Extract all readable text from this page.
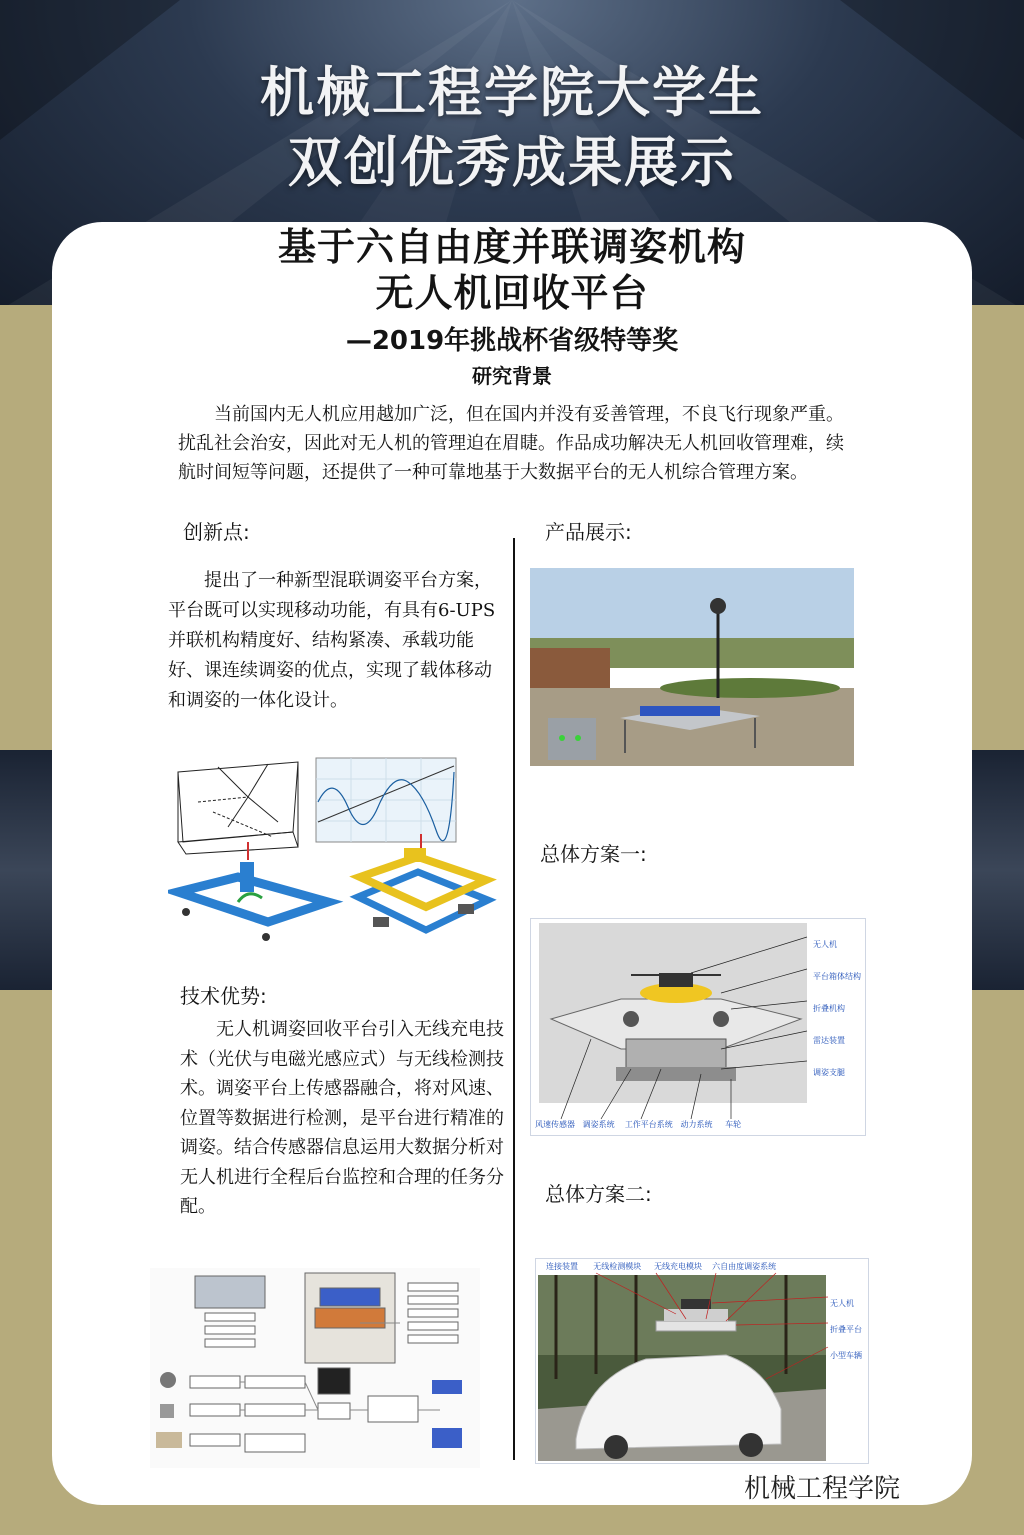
机械工程学院大学生
双创优秀成果展示
基于六自由度并联调姿机构
无人机回收平台
—2019年挑战杯省级特等奖
研究背景

当前国内无人机应用越加广泛，但在国内并没有妥善管理，不良飞行现象严重。扰乱社会治安，因此对无人机的管理迫在眉睫。作品成功解决无人机回收管理难，续航时间短等问题，还提供了一种可靠地基于大数据平台的无人机综合管理方案。

创新点:	产品展示:

提出了一种新型混联调姿平台方案，平台既可以实现移动功能，有具有6-UPS并联机构精度好、结构紧凑、承载功能好、课连续调姿的优点，实现了载体移动和调姿的一体化设计。

技术优势:

无人机调姿回收平台引入无线充电技术（光伏与电磁光感应式）与无线检测技术。调姿平台上传感器融合，将对风速、位置等数据进行检测，是平台进行精准的调姿。结合传感器信息运用大数据分析对无人机进行全程后台监控和合理的任务分配。

总体方案一:
无人机
平台箱体结构
折叠机构
雷达装置
调姿支腿
风速传感器 调姿系统 工作平台系统 动力系统 车轮
总体方案二:
连接装置 无线检测模块 无线充电模块 六自由度调姿系统
无人机
折叠平台
小型车辆
机械工程学院
